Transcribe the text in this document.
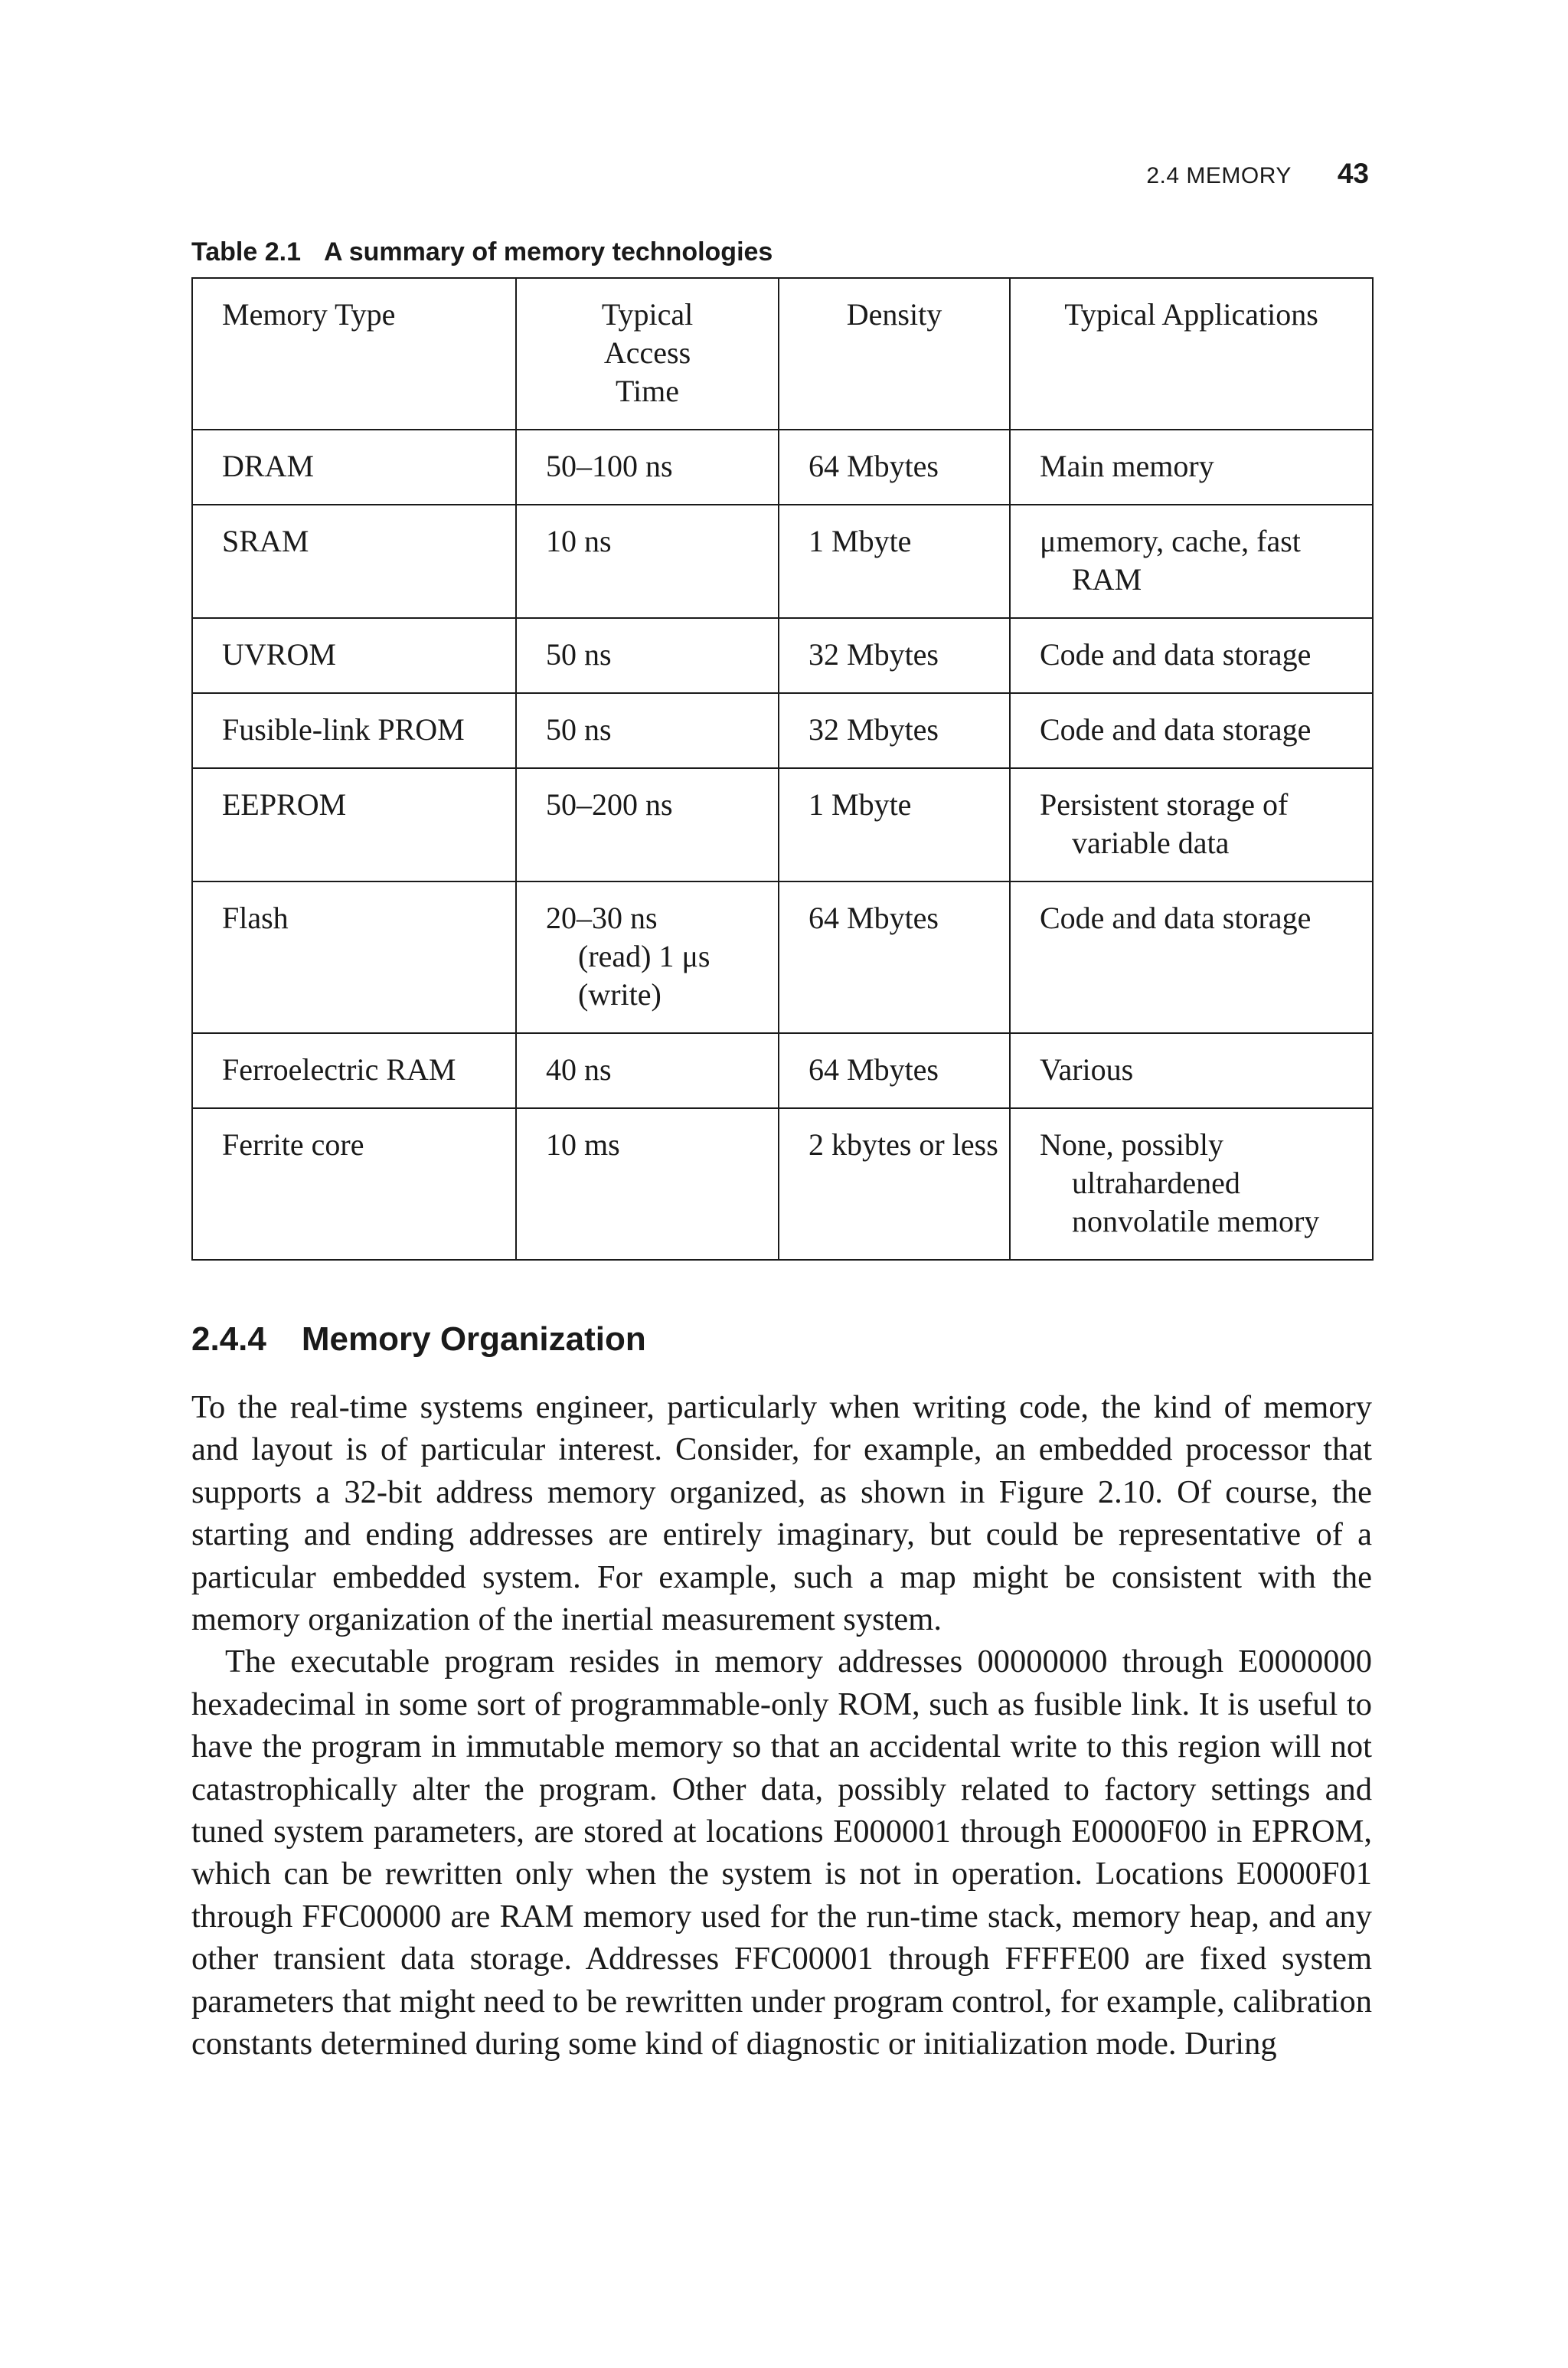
2.4 MEMORY 43
Table 2.1 A summary of memory technologies
Memory Type	Typical Access Time	Density	Typical Applications
DRAM	50–100 ns	64 Mbytes	Main memory

SRAM	10 ns	1 Mbyte	μmemory, cache, fast RAM

UVROM	50 ns	32 Mbytes	Code and data storage

Fusible-link PROM	50 ns	32 Mbytes	Code and data storage

EEPROM	50–200 ns	1 Mbyte	Persistent storage of variable data

Flash	20–30 ns (read) 1 μs (write)	64 Mbytes	Code and data storage

Ferroelectric RAM	40 ns	64 Mbytes	Various

Ferrite core	10 ms	2 kbytes or less	None, possibly ultrahardened nonvolatile memory
2.4.4 Memory Organization

To the real-time systems engineer, particularly when writing code, the kind of memory and layout is of particular interest. Consider, for example, an embedded processor that supports a 32-bit address memory organized, as shown in Figure 2.10. Of course, the starting and ending addresses are entirely imaginary, but could be representative of a particular embedded system. For example, such a map might be consistent with the memory organization of the inertial measurement system.

The executable program resides in memory addresses 00000000 through E0000000 hexadecimal in some sort of programmable-only ROM, such as fusible link. It is useful to have the program in immutable memory so that an accidental write to this region will not catastrophically alter the program. Other data, possibly related to factory settings and tuned system parameters, are stored at locations E000001 through E0000F00 in EPROM, which can be rewritten only when the system is not in operation. Locations E0000F01 through FFC00000 are RAM memory used for the run-time stack, memory heap, and any other transient data storage. Addresses FFC00001 through FFFFE00 are fixed system parameters that might need to be rewritten under program control, for example, calibration constants determined during some kind of diagnostic or initialization mode. During
